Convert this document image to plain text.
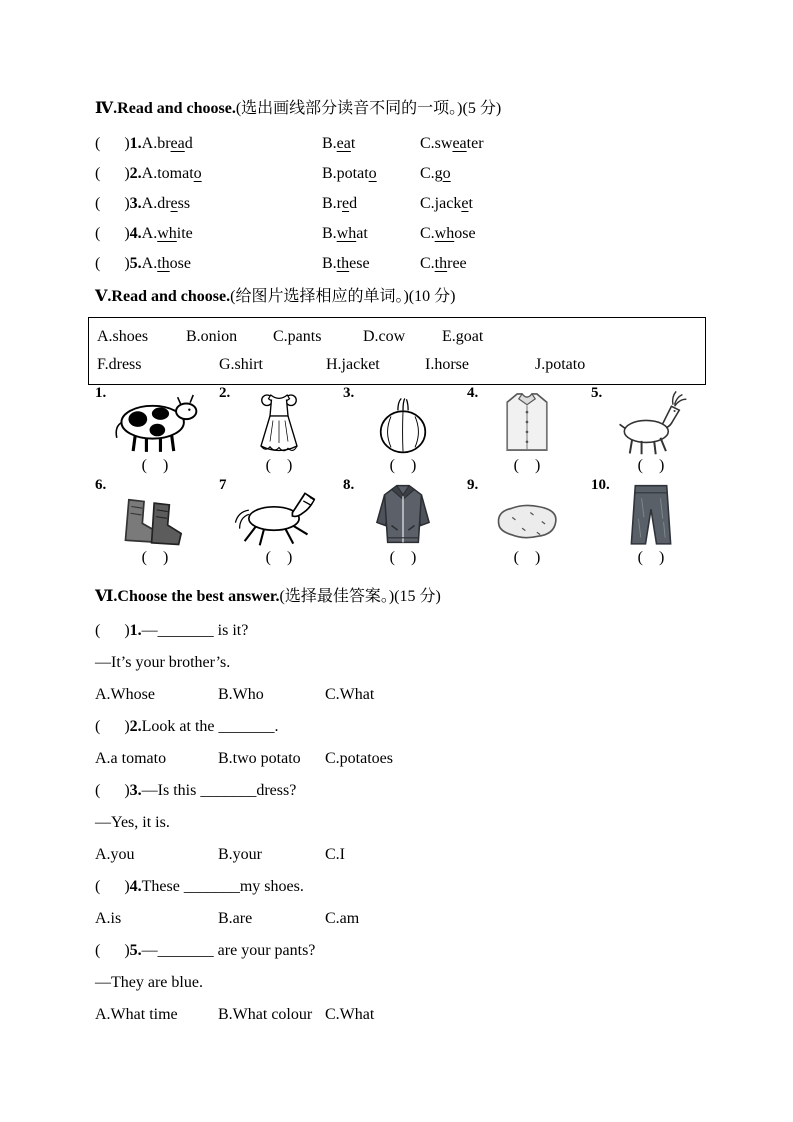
Ⅳ.Read and choose.(选出画线部分读音不同的一项。)(5 分)
(      )1.A.bread	B.eat	C.sweater
(      )2.A.tomato	B.potato	C.go
(      )3.A.dress	B.red	C.jacket
(      )4.A.white	B.what	C.whose
(      )5.A.those	B.these	C.three
Ⅴ.Read and choose.(给图片选择相应的单词。)(10 分)
A.shoes B.onion C.pants	D.cow E.goat
F.dress	G.shirt	H.jacket	I.horse	J.potato
1.
(    )
2.
(    )
3.
(    )
4.
(    )
5.
(    )
6.
(    )
7
(    )
8.
(    )
9.
(    )
10.
(    )
Ⅵ.Choose the best answer.(选择最佳答案。)(15 分)
(      )1.—_______ is it?
—It’s your brother’s.
A.Whose	B.Who	C.What
(      )2.Look at the _______.
A.a tomato	B.two potato	C.potatoes
(      )3.—Is this _______dress?
—Yes, it is.
A.you	B.your	C.I
(      )4.These _______my shoes.
A.is	B.are	C.am
(      )5.—_______ are your pants?
—They are blue.
A.What time	B.What colour C.What
